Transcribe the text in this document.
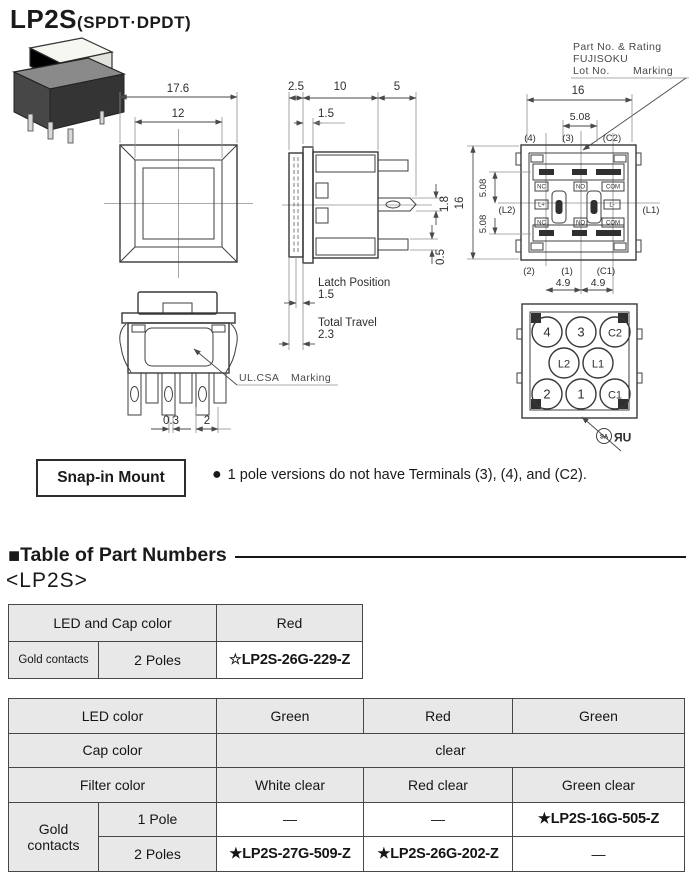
LP2S(SPDT·DPDT)
17.6
12
2.5	10	5
1.5
1.8
0.5
Latch Position
1.5
Total Travel
2.3
Part No. & Rating
FUJISOKU
Lot No. Marking
16
5.08
(4)	(3)	(C2)
NC	NO	COM
L+	L-
NC	NO	COM
(2)	(1)	(C1)
4.9 4.9
16
5.08
5.08
(L2)	(L1)
0.3 2
UL.CSA Marking
4 3 C2
L2 L1
2 1 C1
SA ЯU
Snap-in Mount	● 1 pole versions do not have Terminals (3), (4), and (C2).
■ Table of Part Numbers
<LP2S>
LED and Cap color		Red
Gold contacts	2 Poles	☆LP2S-26G-229-Z
LED color		Green	Red	Green
Cap color		clear		
Filter color		White clear	Red clear	Green clear
Gold contacts	1 Pole	—	—	★LP2S-16G-505-Z
	2 Poles	★LP2S-27G-509-Z	★LP2S-26G-202-Z	—
